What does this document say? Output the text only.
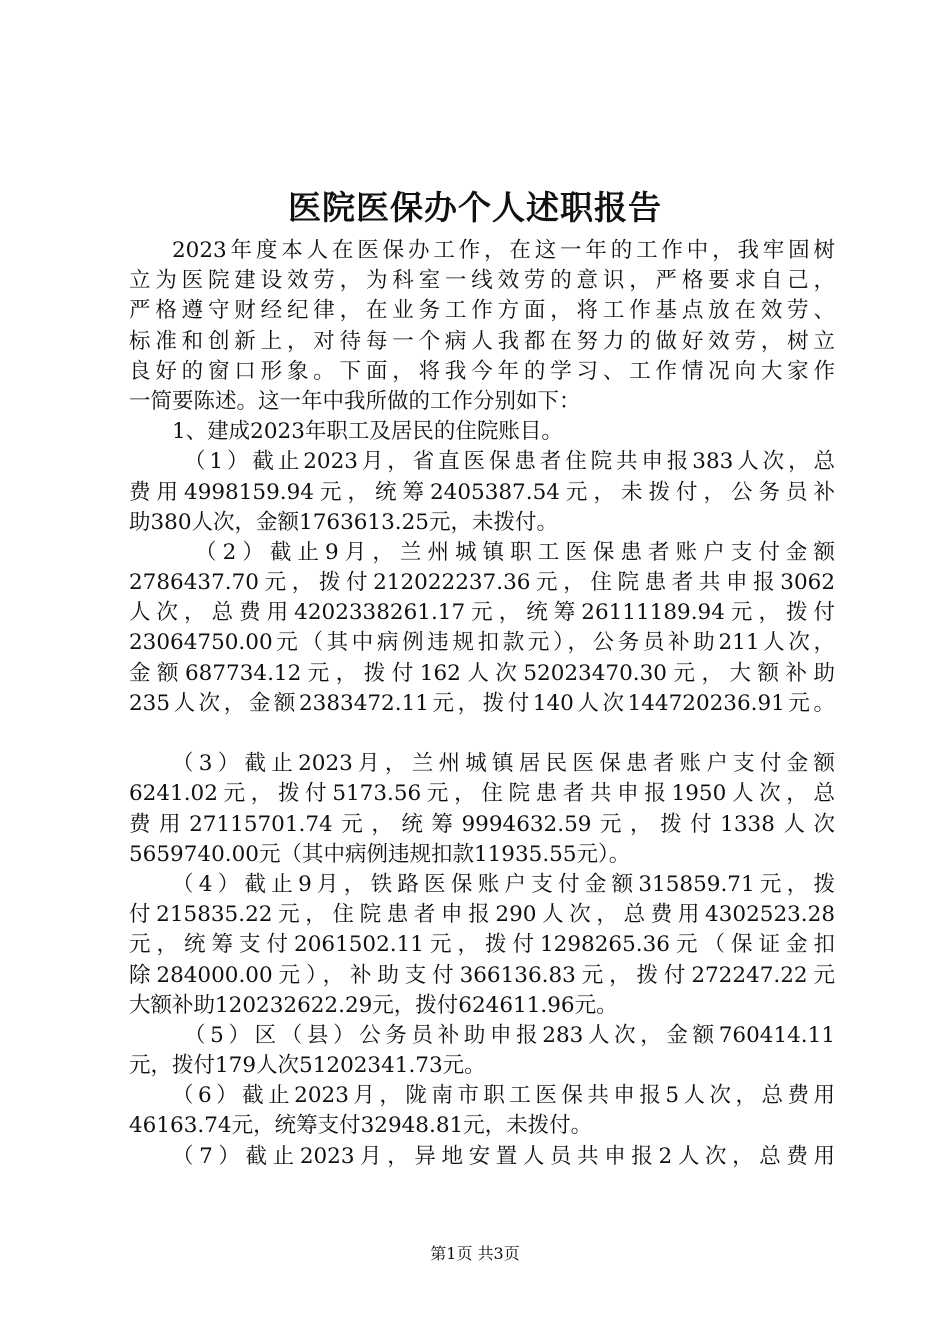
医院医保办个人述职报告
2023年度本人在医保办工作，在这一年的工作中，我牢固树
立为医院建设效劳，为科室一线效劳的意识，严格要求自己，
严格遵守财经纪律，在业务工作方面，将工作基点放在效劳、
标准和创新上，对待每一个病人我都在努力的做好效劳，树立
良好的窗口形象。下面，将我今年的学习、工作情况向大家作
一简要陈述。这一年中我所做的工作分别如下：
1、建成2023年职工及居民的住院账目。
（1）截止2023月，省直医保患者住院共申报383人次，总
费用4998159.94元，统筹2405387.54元，未拨付，公务员补
助380人次，金额1763613.25元，未拨付。
（2）截止9月，兰州城镇职工医保患者账户支付金额
2786437.70元，拨付212022237.36元，住院患者共申报3062
人次，总费用4202338261.17元，统筹26111189.94元，拨付
23064750.00元（其中病例违规扣款元），公务员补助211人次，
金额687734.12元，拨付162人次52023470.30元，大额补助
235人次，金额2383472.11元，拨付140人次144720236.91元。
（3）截止2023月，兰州城镇居民医保患者账户支付金额
6241.02元，拨付5173.56元，住院患者共申报1950人次，总
费用27115701.74元，统筹9994632.59元，拨付1338人次
5659740.00元（其中病例违规扣款11935.55元）。
（4）截止9月，铁路医保账户支付金额315859.71元，拨
付215835.22元，住院患者申报290人次，总费用4302523.28
元，统筹支付2061502.11元，拨付1298265.36元（保证金扣
除284000.00元），补助支付366136.83元，拨付272247.22元
大额补助120232622.29元，拨付624611.96元。
（5）区（县）公务员补助申报283人次，金额760414.11
元，拨付179人次51202341.73元。
（6）截止2023月，陇南市职工医保共申报5人次，总费用
46163.74元，统筹支付32948.81元，未拨付。
（7）截止2023月，异地安置人员共申报2人次，总费用
第1页 共3页
